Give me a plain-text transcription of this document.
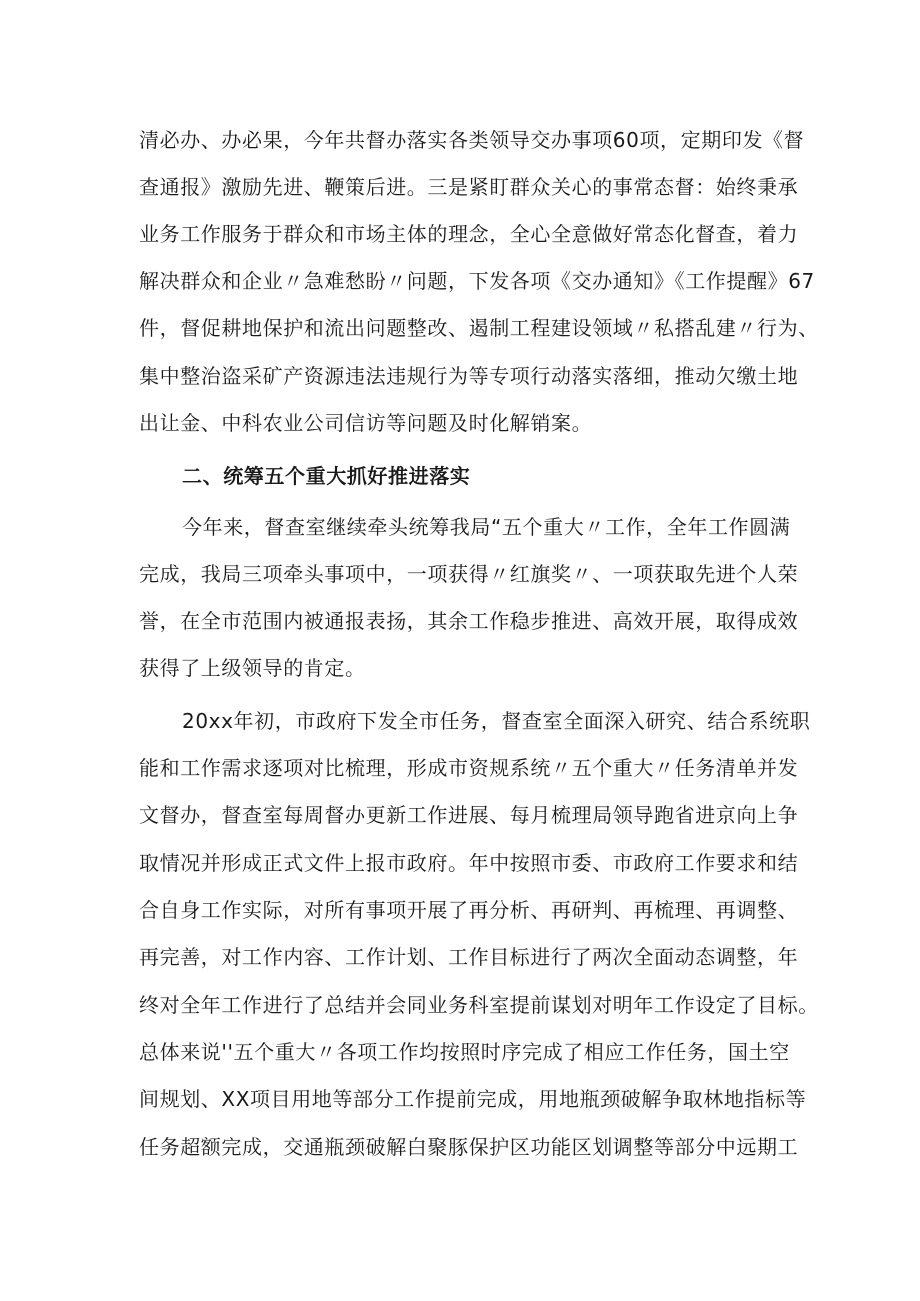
清必办、办必果，今年共督办落实各类领导交办事项60项，定期印发《督
查通报》激励先进、鞭策后进。三是紧盯群众关心的事常态督：始终秉承
业务工作服务于群众和市场主体的理念，全心全意做好常态化督查，着力
解决群众和企业〃急难愁盼〃问题，下发各项《交办通知》《工作提醒》67
件，督促耕地保护和流出问题整改、遏制工程建设领域〃私搭乱建〃行为、
集中整治盗采矿产资源违法违规行为等专项行动落实落细，推动欠缴土地
出让金、中科农业公司信访等问题及时化解销案。
二、统筹五个重大抓好推进落实
今年来，督查室继续牵头统筹我局“五个重大〃工作，全年工作圆满
完成，我局三项牵头事项中，一项获得〃红旗奖〃、一项获取先进个人荣
誉，在全市范围内被通报表扬，其余工作稳步推进、高效开展，取得成效
获得了上级领导的肯定。
20xx年初，市政府下发全市任务，督查室全面深入研究、结合系统职
能和工作需求逐项对比梳理，形成市资规系统〃五个重大〃任务清单并发
文督办，督查室每周督办更新工作进展、每月梳理局领导跑省进京向上争
取情况并形成正式文件上报市政府。年中按照市委、市政府工作要求和结
合自身工作实际，对所有事项开展了再分析、再研判、再梳理、再调整、
再完善，对工作内容、工作计划、工作目标进行了两次全面动态调整，年
终对全年工作进行了总结并会同业务科室提前谋划对明年工作设定了目标。
总体来说''五个重大〃各项工作均按照时序完成了相应工作任务，国土空
间规划、XX项目用地等部分工作提前完成，用地瓶颈破解争取林地指标等
任务超额完成，交通瓶颈破解白聚豚保护区功能区划调整等部分中远期工
